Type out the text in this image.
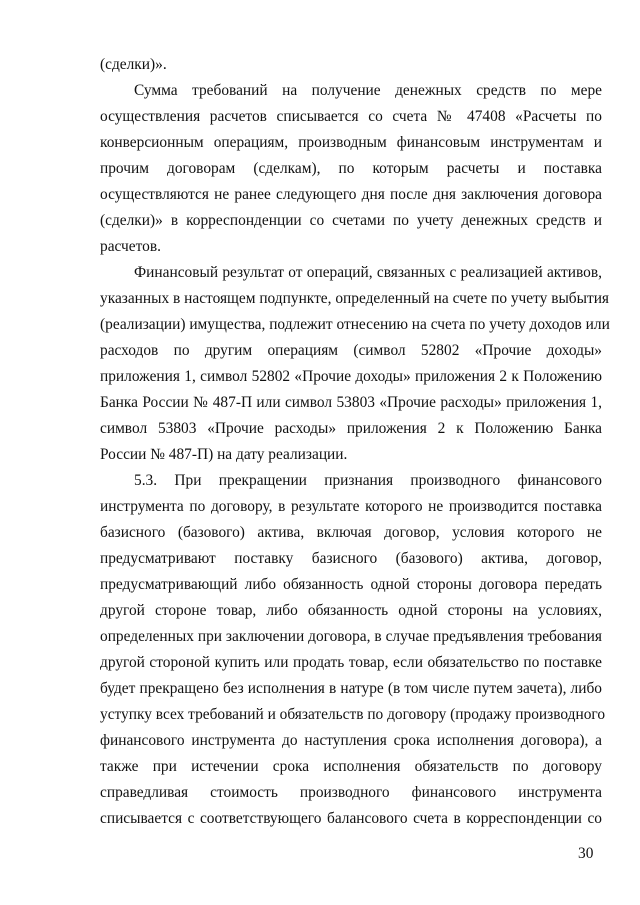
(сделки)».
Сумма требований на получение денежных средств по мере
осуществления расчетов списывается со счета № 47408 «Расчеты по
конверсионным операциям, производным финансовым инструментам и
прочим договорам (сделкам), по которым расчеты и поставка
осуществляются не ранее следующего дня после дня заключения договора
(сделки)» в корреспонденции со счетами по учету денежных средств и
расчетов.
Финансовый результат от операций, связанных с реализацией активов,
указанных в настоящем подпункте, определенный на счете по учету выбытия
(реализации) имущества, подлежит отнесению на счета по учету доходов или
расходов по другим операциям (символ 52802 «Прочие доходы»
приложения 1, символ 52802 «Прочие доходы» приложения 2 к Положению
Банка России № 487-П или символ 53803 «Прочие расходы» приложения 1,
символ 53803 «Прочие расходы» приложения 2 к Положению Банка
России № 487-П) на дату реализации.
5.3. При прекращении признания производного финансового
инструмента по договору, в результате которого не производится поставка
базисного (базового) актива, включая договор, условия которого не
предусматривают поставку базисного (базового) актива, договор,
предусматривающий либо обязанность одной стороны договора передать
другой стороне товар, либо обязанность одной стороны на условиях,
определенных при заключении договора, в случае предъявления требования
другой стороной купить или продать товар, если обязательство по поставке
будет прекращено без исполнения в натуре (в том числе путем зачета), либо
уступку всех требований и обязательств по договору (продажу производного
финансового инструмента до наступления срока исполнения договора), а
также при истечении срока исполнения обязательств по договору
справедливая стоимость производного финансового инструмента
списывается с соответствующего балансового счета в корреспонденции со
30
